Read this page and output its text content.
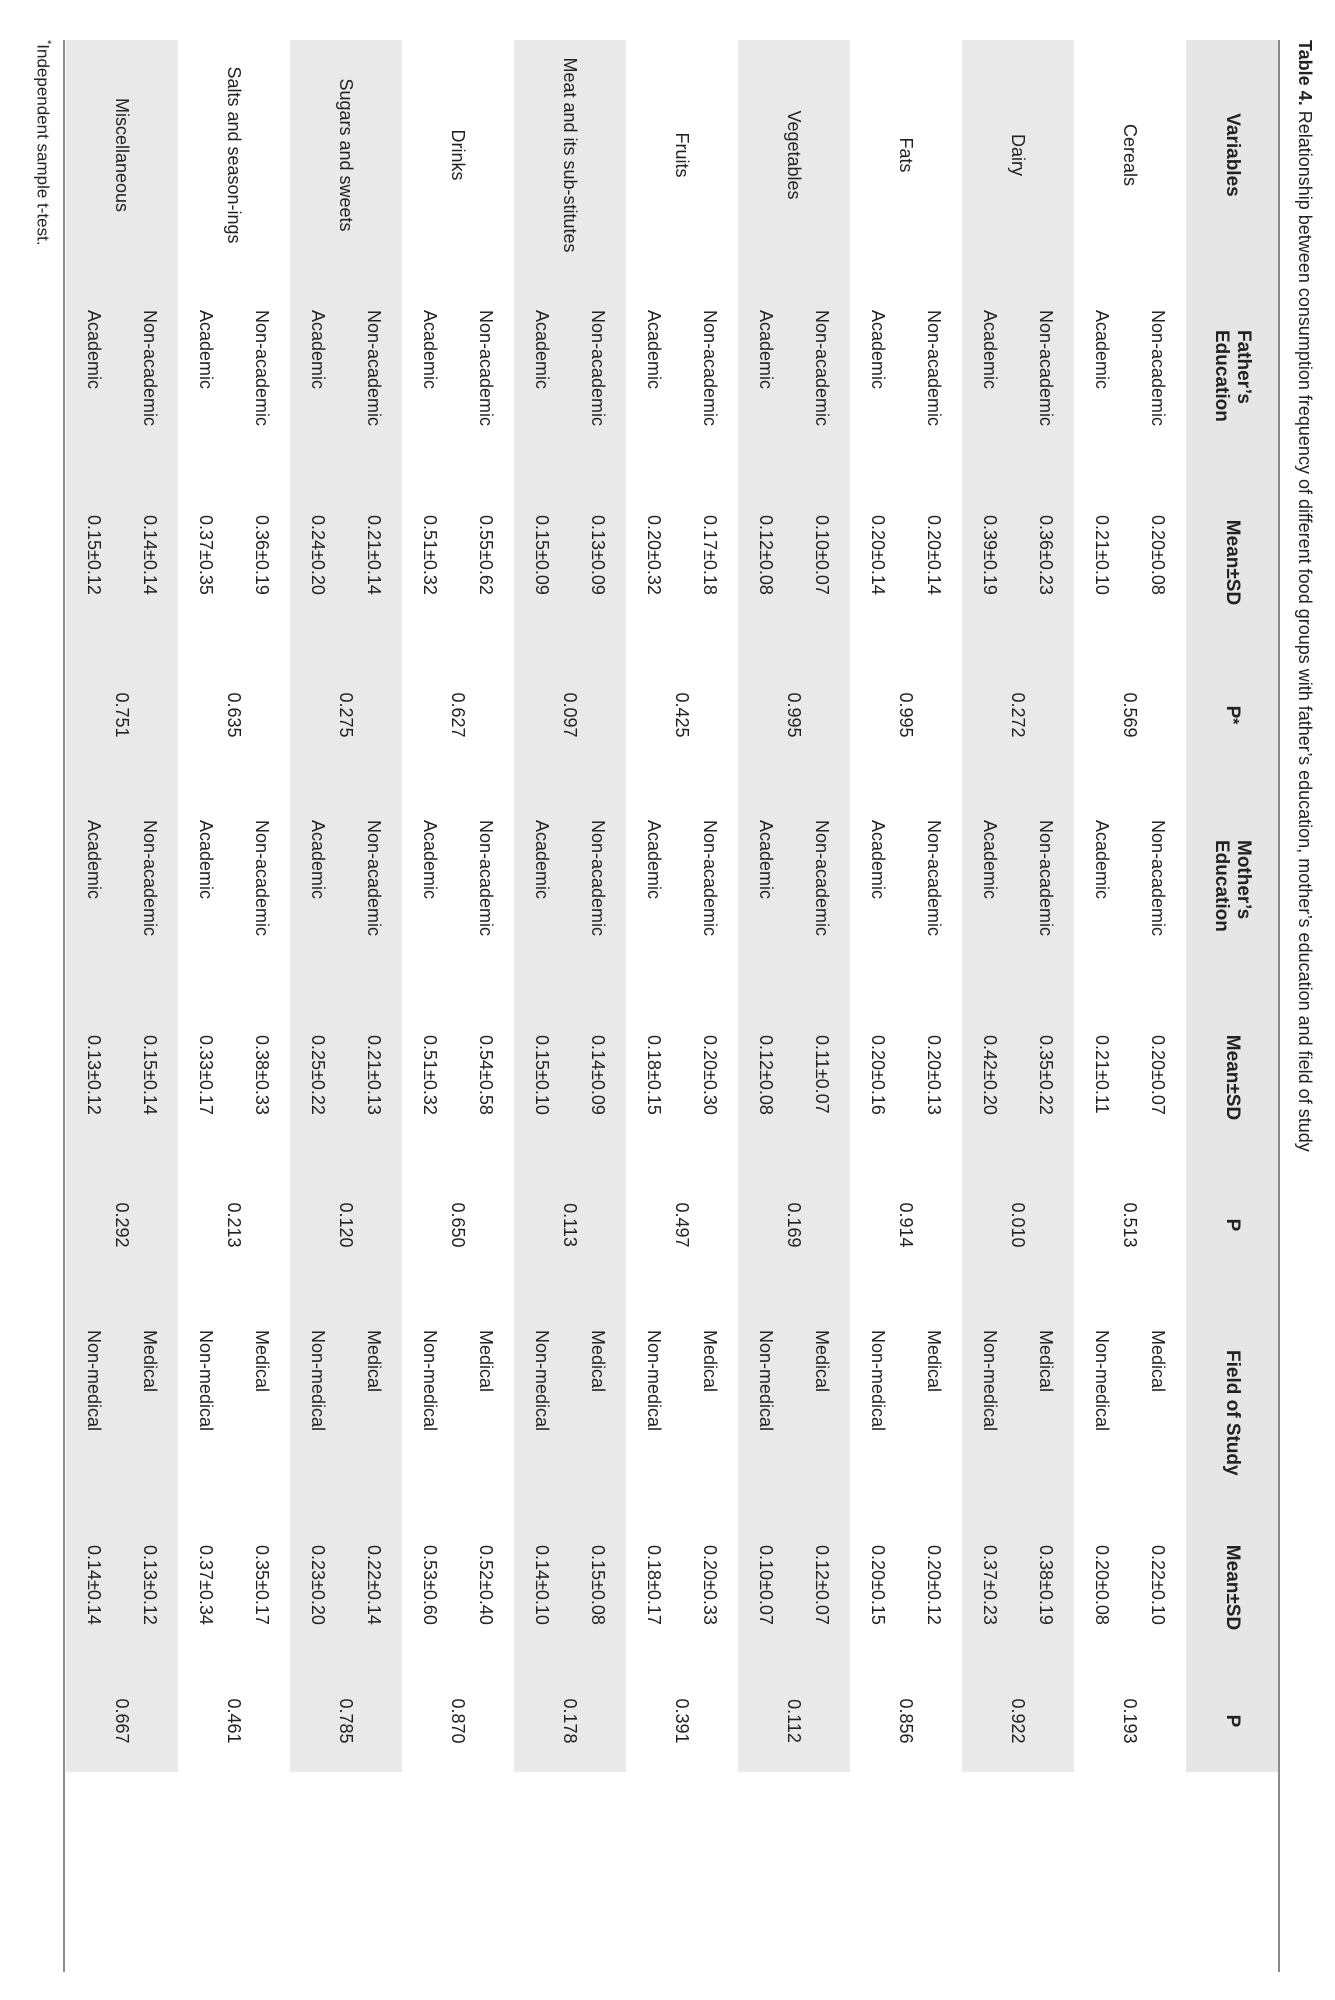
Table 4. Relationship between consumption frequency of different food groups with father’s education, mother’s education and field of study
Variables
Father’s Education
Mean±SD
P
*
Mother’s Education
Mean±SD
P
Field of Study
Mean±SD
P
Cereals
Non-academic
Academic
0.20±0.08
0.21±0.10
0.569
Non-academic
Academic
0.20±0.07
0.21±0.11
0.513
Medical
Non-medical
0.22±0.10
0.20±0.08
0.193
Dairy
Non-academic
Academic
0.36±0.23
0.39±0.19
0.272
Non-academic
Academic
0.35±0.22
0.42±0.20
0.010
Medical
Non-medical
0.38±0.19
0.37±0.23
0.922
Fats
Non-academic
Academic
0.20±0.14
0.20±0.14
0.995
Non-academic
Academic
0.20±0.13
0.20±0.16
0.914
Medical
Non-medical
0.20±0.12
0.20±0.15
0.856
Vegetables
Non-academic
Academic
0.10±0.07
0.12±0.08
0.995
Non-academic
Academic
0.11±0.07
0.12±0.08
0.169
Medical
Non-medical
0.12±0.07
0.10±0.07
0.112
Fruits
Non-academic
Academic
0.17±0.18
0.20±0.32
0.425
Non-academic
Academic
0.20±0.30
0.18±0.15
0.497
Medical
Non-medical
0.20±0.33
0.18±0.17
0.391
Meat and its sub-stitutes
Non-academic
Academic
0.13±0.09
0.15±0.09
0.097
Non-academic
Academic
0.14±0.09
0.15±0.10
0.113
Medical
Non-medical
0.15±0.08
0.14±0.10
0.178
Drinks
Non-academic
Academic
0.55±0.62
0.51±0.32
0.627
Non-academic
Academic
0.54±0.58
0.51±0.32
0.650
Medical
Non-medical
0.52±0.40
0.53±0.60
0.870
Sugars and sweets
Non-academic
Academic
0.21±0.14
0.24±0.20
0.275
Non-academic
Academic
0.21±0.13
0.25±0.22
0.120
Medical
Non-medical
0.22±0.14
0.23±0.20
0.785
Salts and season-ings
Non-academic
Academic
0.36±0.19
0.37±0.35
0.635
Non-academic
Academic
0.38±0.33
0.33±0.17
0.213
Medical
Non-medical
0.35±0.17
0.37±0.34
0.461
Miscellaneous
Non-academic
Academic
0.14±0.14
0.15±0.12
0.751
Non-academic
Academic
0.15±0.14
0.13±0.12
0.292
Medical
Non-medical
0.13±0.12
0.14±0.14
0.667
*Independent sample t-test.
